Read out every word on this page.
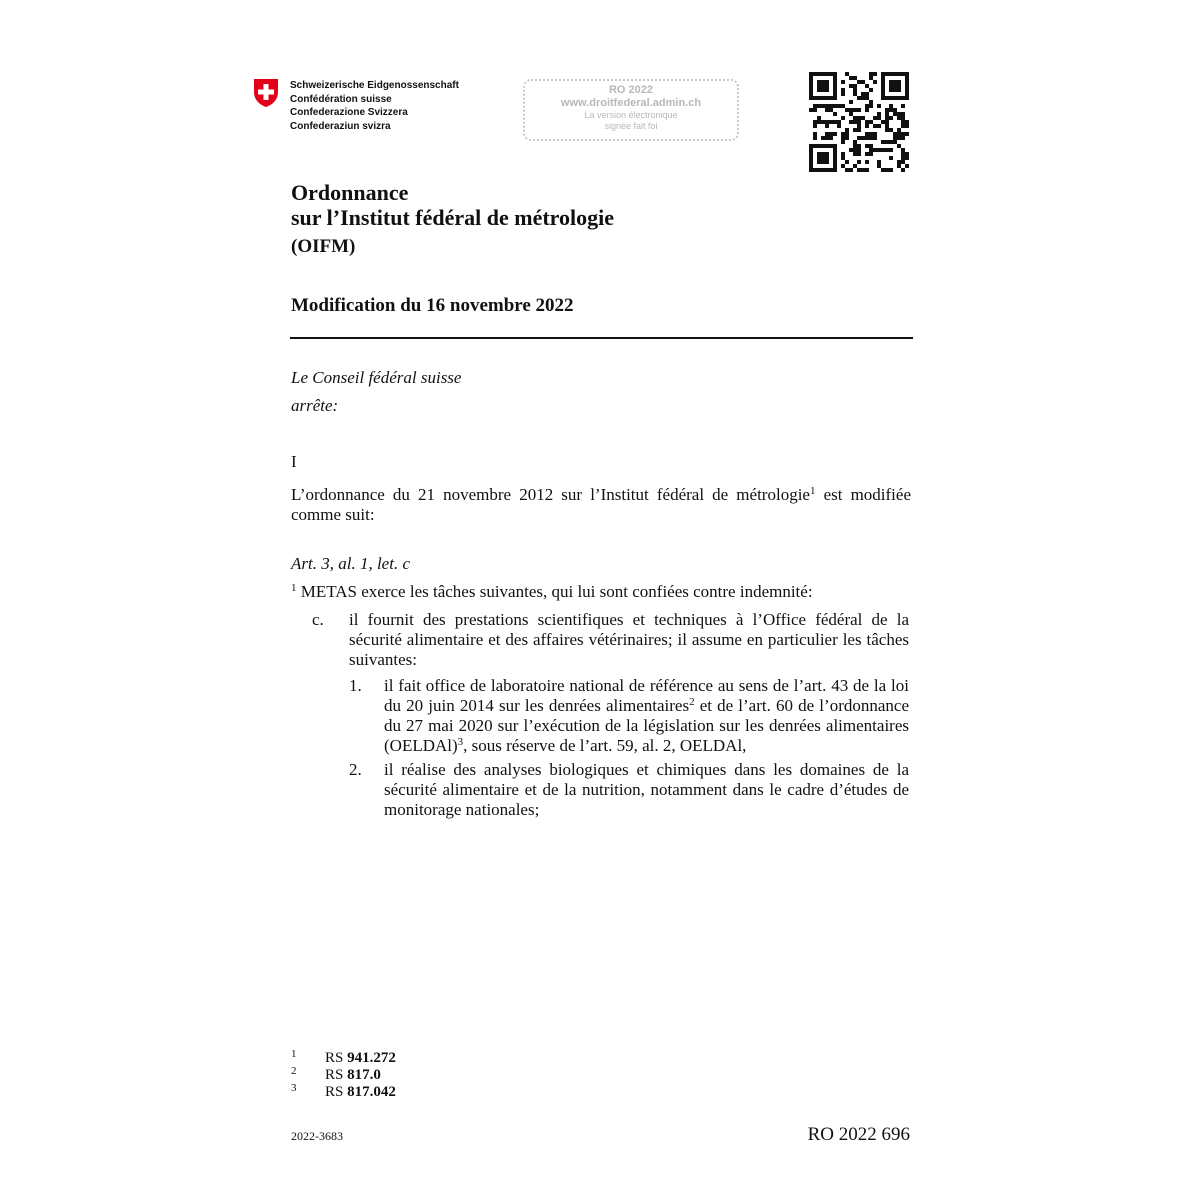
Schweizerische Eidgenossenschaft
Confédération suisse
Confederazione Svizzera
Confederaziun svizra
RO 2022
www.droitfederal.admin.ch
La version électronique
signée fait foi
Ordonnance
sur l’Institut fédéral de métrologie
(OIFM)
Modification du 16 novembre 2022
Le Conseil fédéral suisse
arrête:
I
L’ordonnance du 21 novembre 2012 sur l’Institut fédéral de métrologie$^1$ est modifiée comme suit:
Art. 3, al. 1, let. c
$^1$ METAS exerce les tâches suivantes, qui lui sont confiées contre indemnité:
c. il fournit des prestations scientifiques et techniques à l’Office fédéral de la sécurité alimentaire et des affaires vétérinaires; il assume en particulier les tâches suivantes:
1. il fait office de laboratoire national de référence au sens de l’art. 43 de la loi du 20 juin 2014 sur les denrées alimentaires$^2$ et de l’art. 60 de l’ordonnance du 27 mai 2020 sur l’exécution de la législation sur les denrées alimentaires (OELDAl)$^3$, sous réserve de l’art. 59, al. 2, OELDAl,
2. il réalise des analyses biologiques et chimiques dans les domaines de la sécurité alimentaire et de la nutrition, notamment dans le cadre d’études de monitorage nationales;
1 RS 941.272
2 RS 817.0
3 RS 817.042
2022-3683	RO 2022 696
